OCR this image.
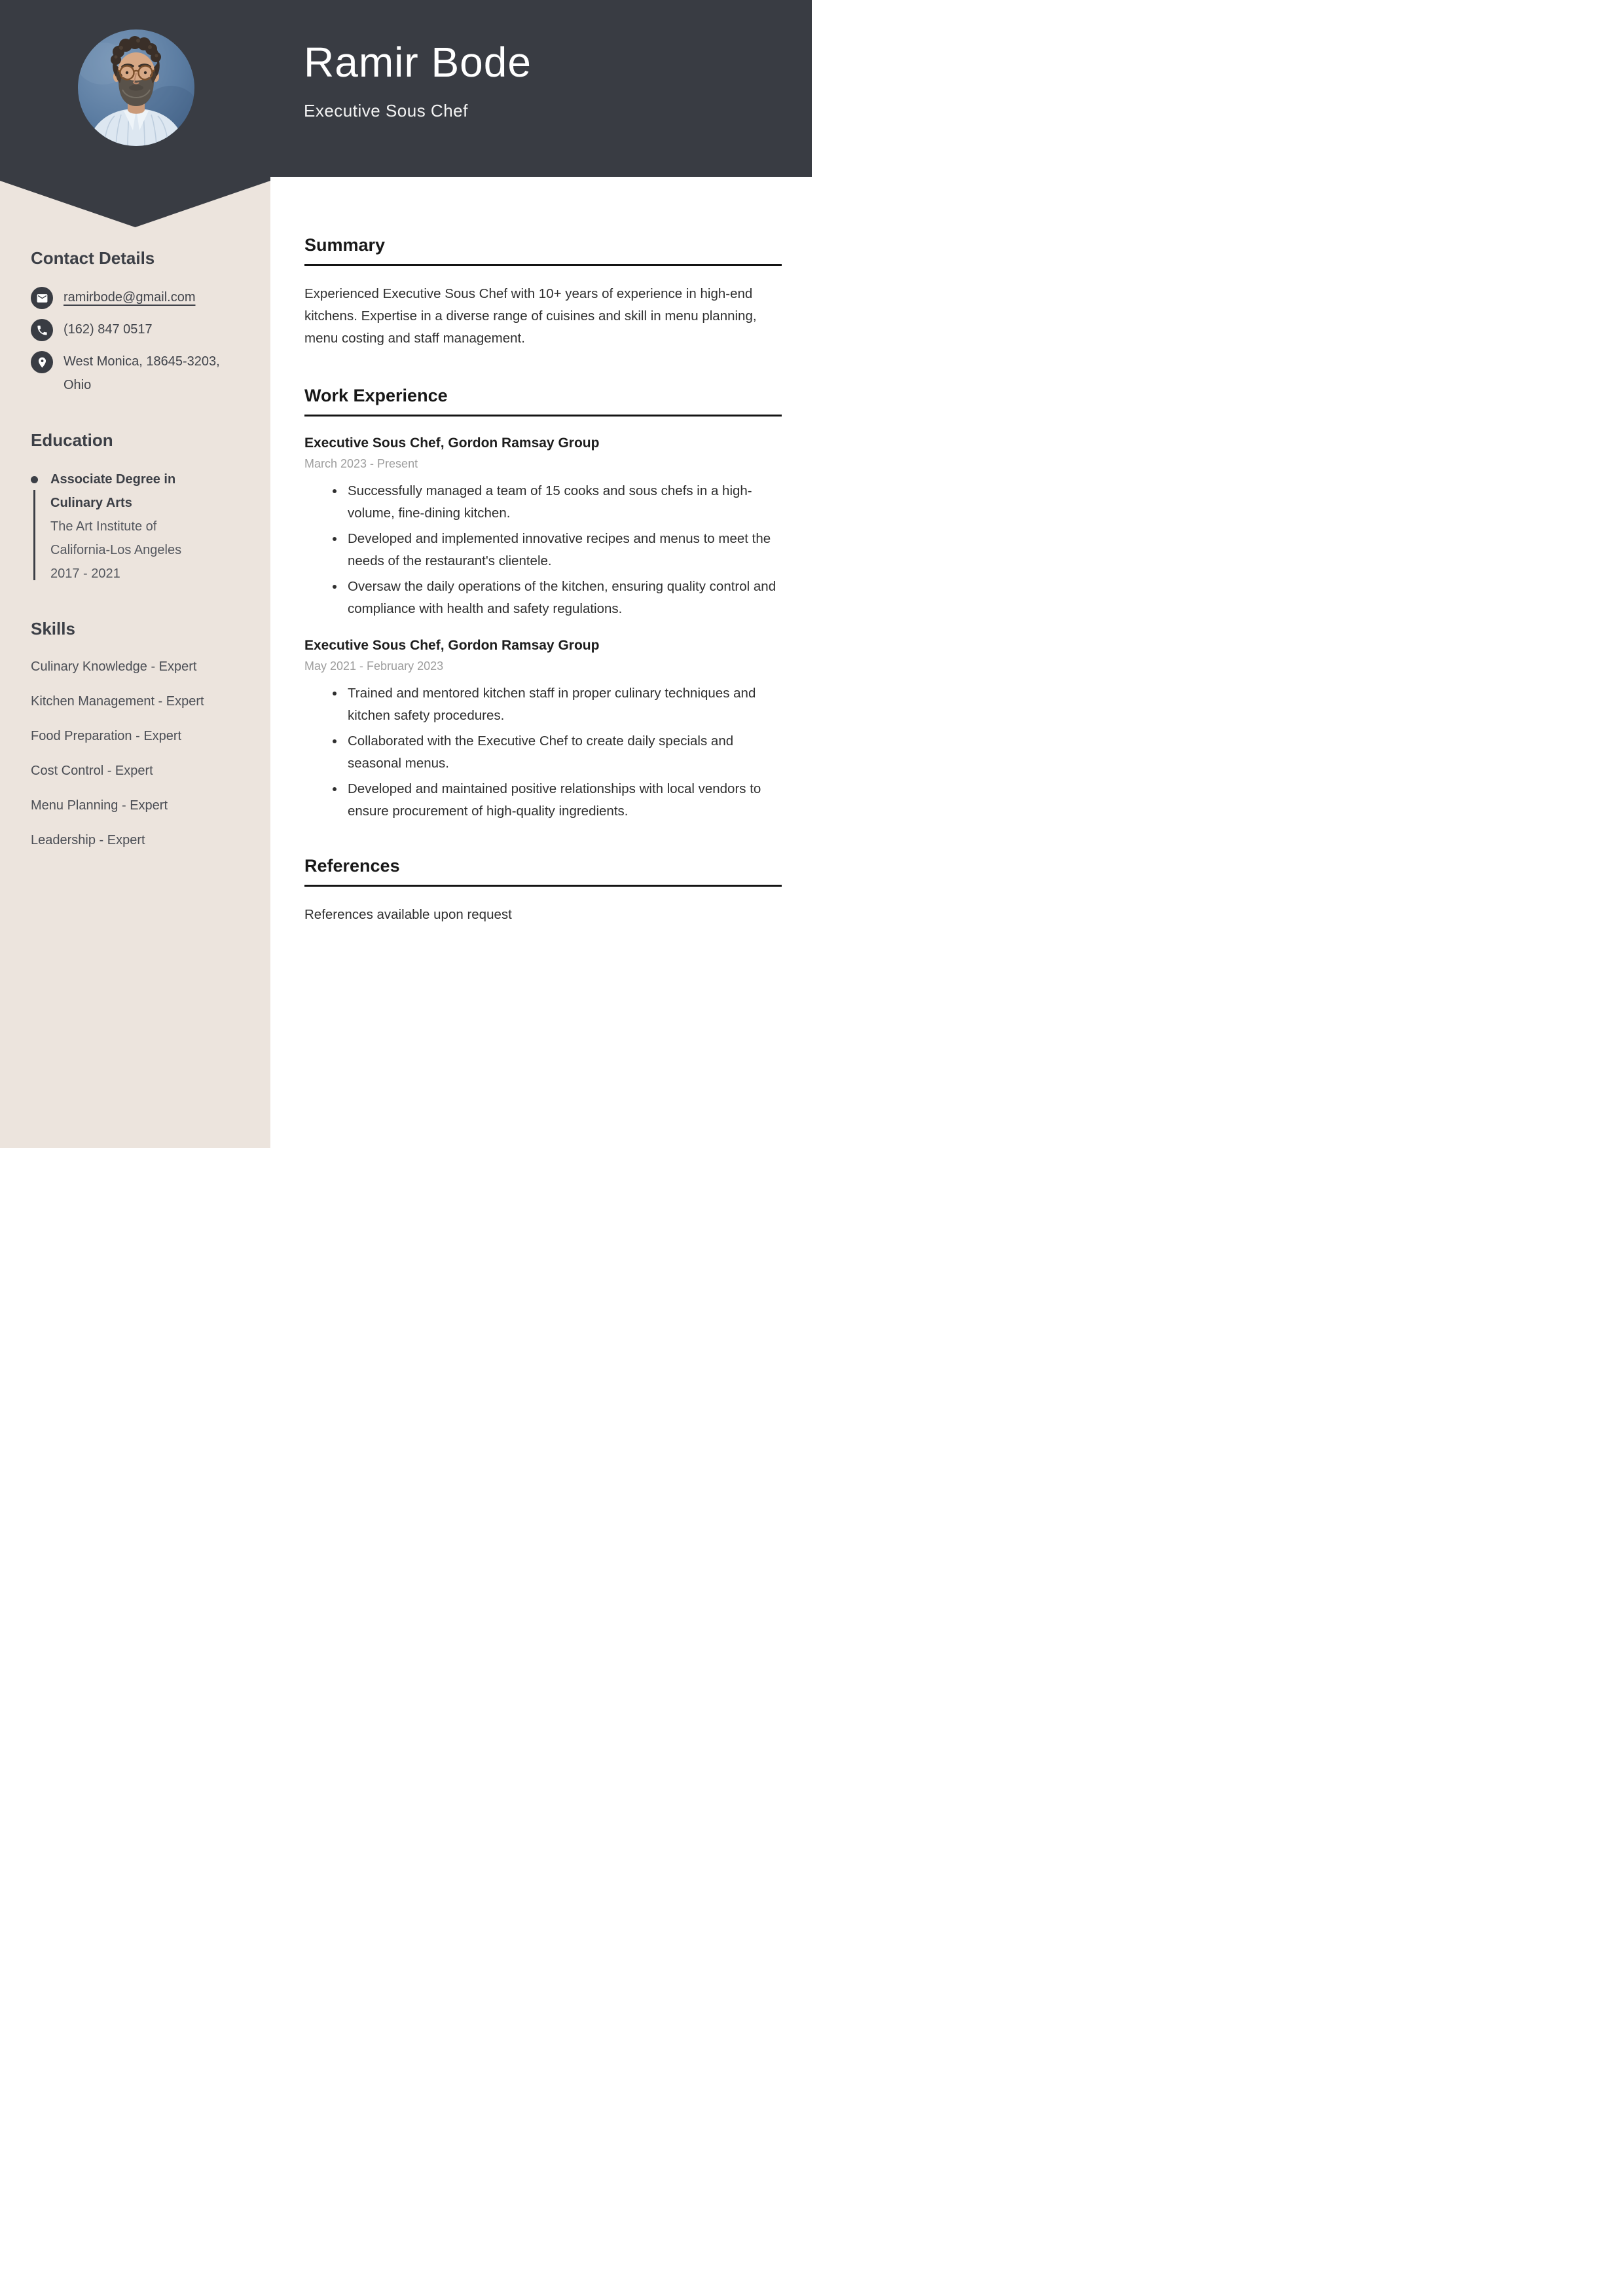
Ramir Bode
Executive Sous Chef
Contact Details
ramirbode@gmail.com
(162) 847 0517
West Monica, 18645-3203,
Ohio
Education
Associate Degree in
Culinary Arts
The Art Institute of
California-Los Angeles
2017 - 2021
Skills
Culinary Knowledge - Expert
Kitchen Management - Expert
Food Preparation - Expert
Cost Control - Expert
Menu Planning - Expert
Leadership - Expert
Summary

Experienced Executive Sous Chef with 10+ years of experience in high-end kitchens. Expertise in a diverse range of cuisines and skill in menu planning, menu costing and staff management.

Work Experience
Executive Sous Chef, Gordon Ramsay Group
March 2023 - Present
• Successfully managed a team of 15 cooks and sous chefs in a high-volume, fine-dining kitchen.
• Developed and implemented innovative recipes and menus to meet the needs of the restaurant's clientele.
• Oversaw the daily operations of the kitchen, ensuring quality control and compliance with health and safety regulations.
Executive Sous Chef, Gordon Ramsay Group
May 2021 - February 2023
• Trained and mentored kitchen staff in proper culinary techniques and kitchen safety procedures.
• Collaborated with the Executive Chef to create daily specials and seasonal menus.
• Developed and maintained positive relationships with local vendors to ensure procurement of high-quality ingredients.
References

References available upon request
